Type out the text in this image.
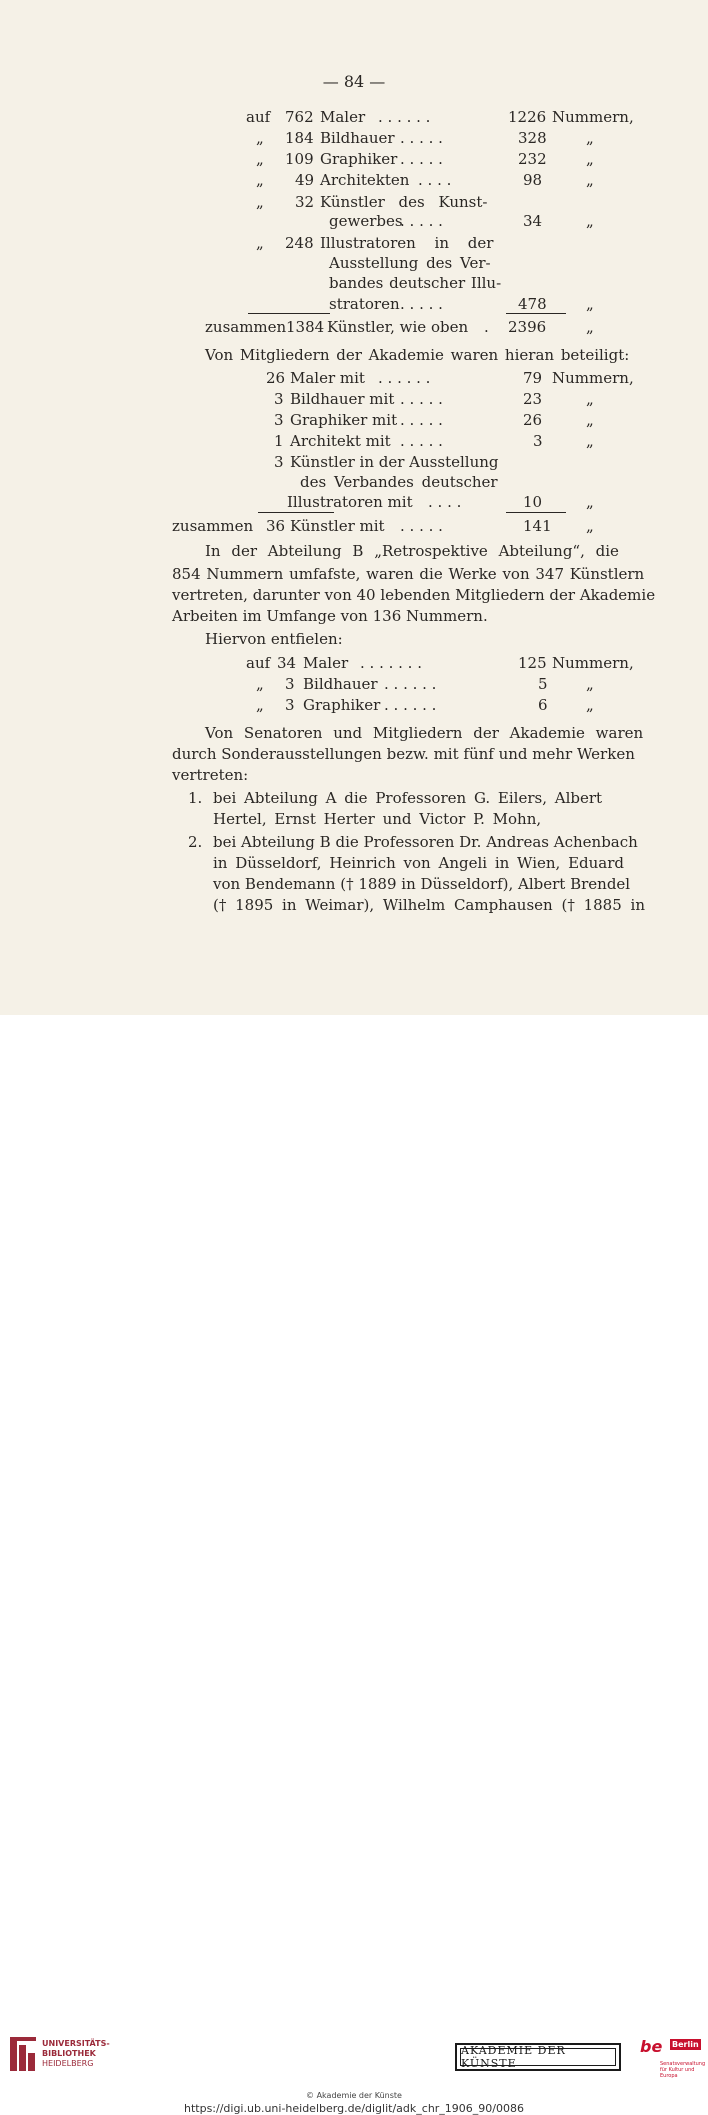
— 84 —
auf 762 Maler . . . . . .	1226 Nummern,
„ 184 Bildhauer . . . . .	328	„
„ 109 Graphiker . . . . .	232	„
„ 49 Architekten . . . .	98	„
„ 32 Künstler des Kunst-
gewerbes
. . . . .	34	„
„ 248 Illustratoren in der
Ausstellung des Ver-
bandes deutscher Illu-
stratoren . . . . .	478	„
zusammen 1384 Künstler, wie oben . 2396	„
Von Mitgliedern der Akademie waren hieran beteiligt:
26 Maler mit . . . . . .	79 Nummern,
3 Bildhauer mit . . . . .	23	„
3 Graphiker mit . . . . .	26	„
1 Architekt mit . . . . .	3	„
3 Künstler in der Ausstellung
des Verbandes deutscher
Illustratoren mit . . . .	10	„
zusammen 36 Künstler mit . . . . .	141 „
In der Abteilung B „Retrospektive Abteilung“, die
854 Nummern umfafste, waren die Werke von 347 Künstlern
vertreten, darunter von 40 lebenden Mitgliedern der Akademie
Arbeiten im Umfange von 136 Nummern.
Hiervon entfielen:
auf 34 Maler . . . . . . .	125 Nummern,
„ 3 Bildhauer . . . . . .	5	„
„ 3 Graphiker . . . . . .	6	„
Von Senatoren und Mitgliedern der Akademie waren
durch Sonderausstellungen bezw. mit fünf und mehr Werken
vertreten:
1. bei Abteilung A die Professoren G. Eilers, Albert
Hertel, Ernst Herter und Victor P. Mohn,
2. bei Abteilung B die Professoren Dr. Andreas Achenbach
in Düsseldorf, Heinrich von Angeli in Wien, Eduard
von Bendemann († 1889 in Düsseldorf), Albert Brendel
(† 1895 in Weimar), Wilhelm Camphausen († 1885 in
UNIVERSITÄTS-
BIBLIOTHEK
HEIDELBERG
AKADEMIE DER KÜNSTE
be Berlin
Senatsverwaltung für Kultur und Europa
© Akademie der Künste
https://digi.ub.uni-heidelberg.de/diglit/adk_chr_1906_90/0086
